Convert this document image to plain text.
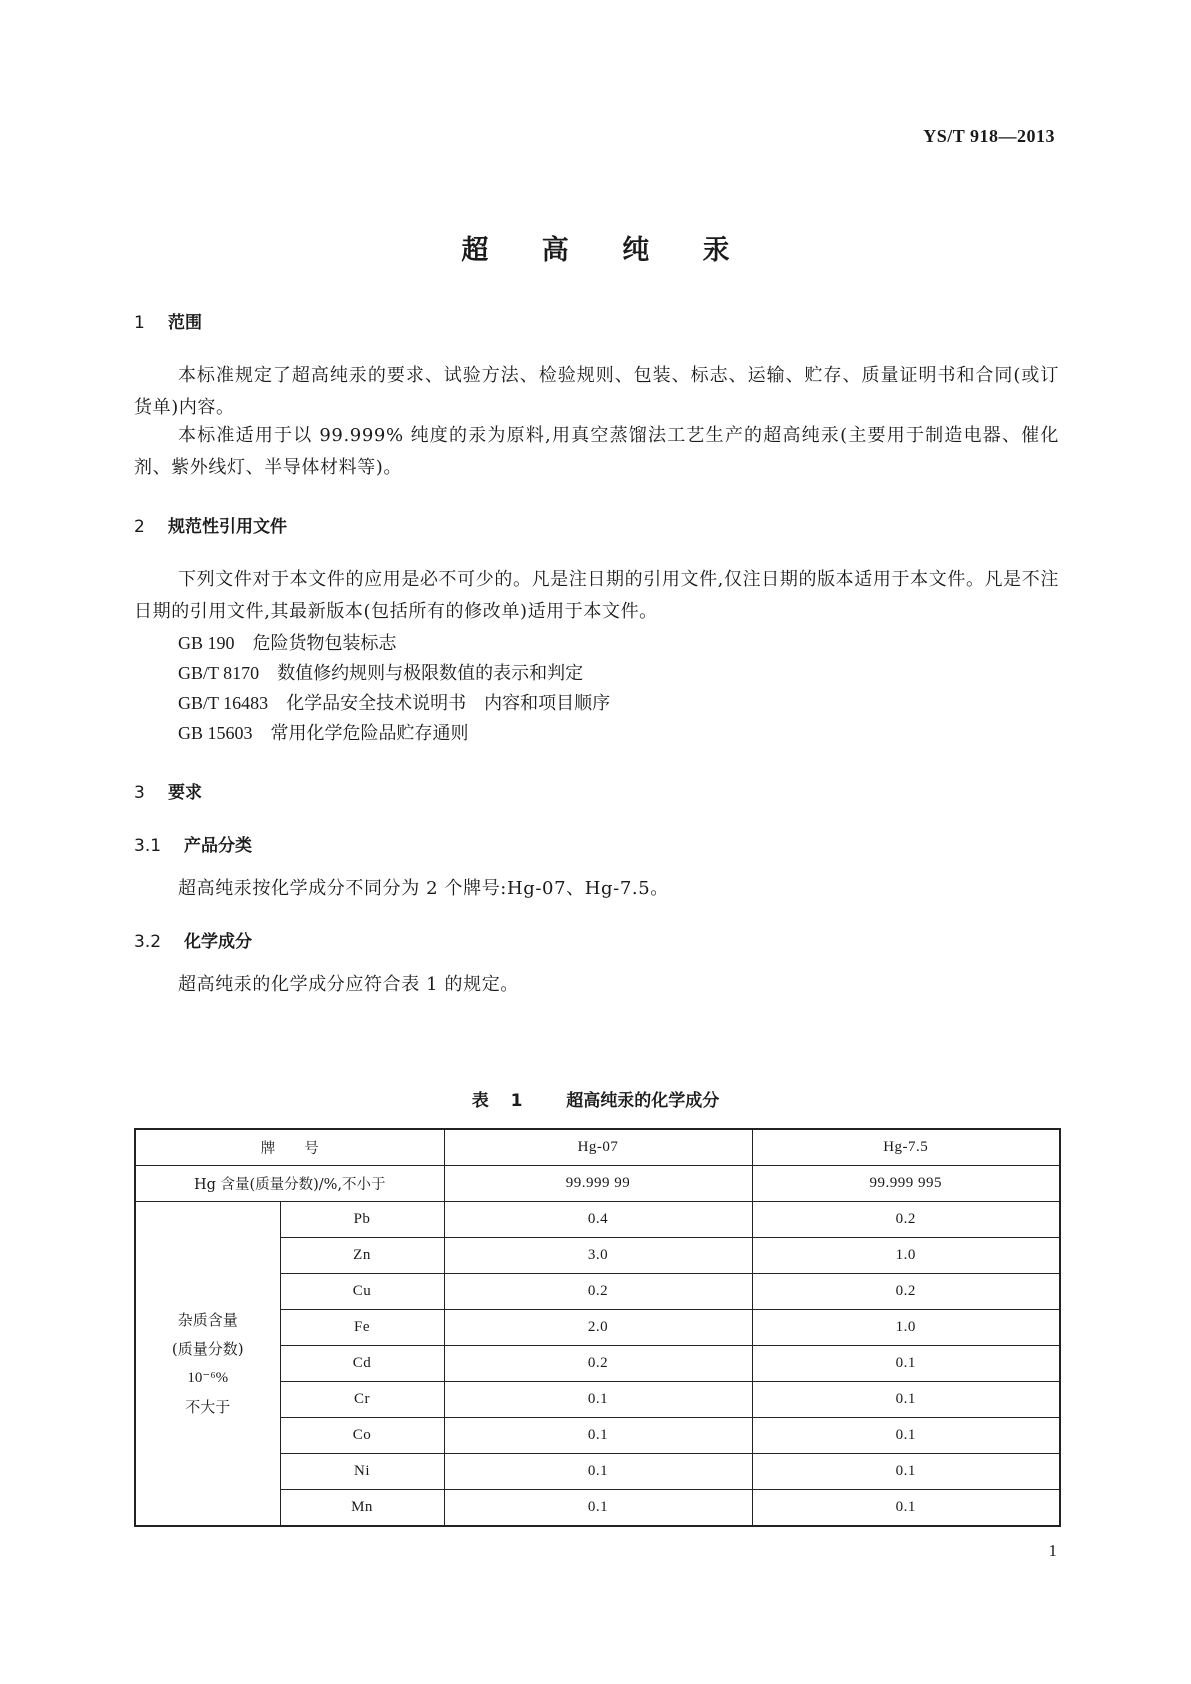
YS/T 918—2013
超 高 纯 汞
1 范围
本标准规定了超高纯汞的要求、试验方法、检验规则、包装、标志、运输、贮存、质量证明书和合同(或订货单)内容。
本标准适用于以 99.999% 纯度的汞为原料,用真空蒸馏法工艺生产的超高纯汞(主要用于制造电器、催化剂、紫外线灯、半导体材料等)。
2 规范性引用文件
下列文件对于本文件的应用是必不可少的。凡是注日期的引用文件,仅注日期的版本适用于本文件。凡是不注日期的引用文件,其最新版本(包括所有的修改单)适用于本文件。
GB 190 危险货物包装标志
GB/T 8170 数值修约规则与极限数值的表示和判定
GB/T 16483 化学品安全技术说明书　内容和项目顺序
GB 15603 常用化学危险品贮存通则
3 要求
3.1 产品分类
超高纯汞按化学成分不同分为 2 个牌号:Hg-07、Hg-7.5。
3.2 化学成分
超高纯汞的化学成分应符合表 1 的规定。
表 1  超高纯汞的化学成分
牌　　号		Hg-07	Hg-7.5
Hg 含量(质量分数)/%,不小于		99.999 99	99.999 995

杂质含量
(质量分数)
10⁻⁶%
不大于	Pb	0.4	0.2
	Zn	3.0	1.0
	Cu	0.2	0.2
	Fe	2.0	1.0
	Cd	0.2	0.1
	Cr	0.1	0.1
	Co	0.1	0.1
	Ni	0.1	0.1
	Mn	0.1	0.1
1
